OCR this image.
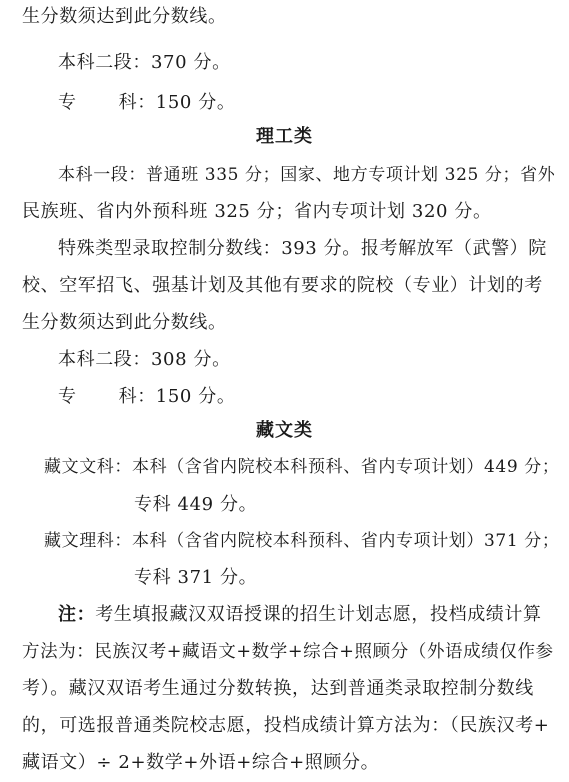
生分数须达到此分数线。
本科二段：370 分。
专 科：150 分。
理工类
本科一段：普通班 335 分；国家、地方专项计划 325 分；省外
民族班、省内外预科班 325 分；省内专项计划 320 分。
特殊类型录取控制分数线：393 分。报考解放军（武警）院
校、空军招飞、强基计划及其他有要求的院校（专业）计划的考
生分数须达到此分数线。
本科二段：308 分。
专 科：150 分。
藏文类
藏文文科：本科（含省内院校本科预科、省内专项计划）449 分；
专科 449 分。
藏文理科：本科（含省内院校本科预科、省内专项计划）371 分；
专科 371 分。
注：考生填报藏汉双语授课的招生计划志愿，投档成绩计算
方法为：民族汉考+藏语文+数学+综合+照顾分（外语成绩仅作参
考）。藏汉双语考生通过分数转换，达到普通类录取控制分数线
的，可选报普通类院校志愿，投档成绩计算方法为：（民族汉考+
藏语文）÷ 2+数学+外语+综合+照顾分。
